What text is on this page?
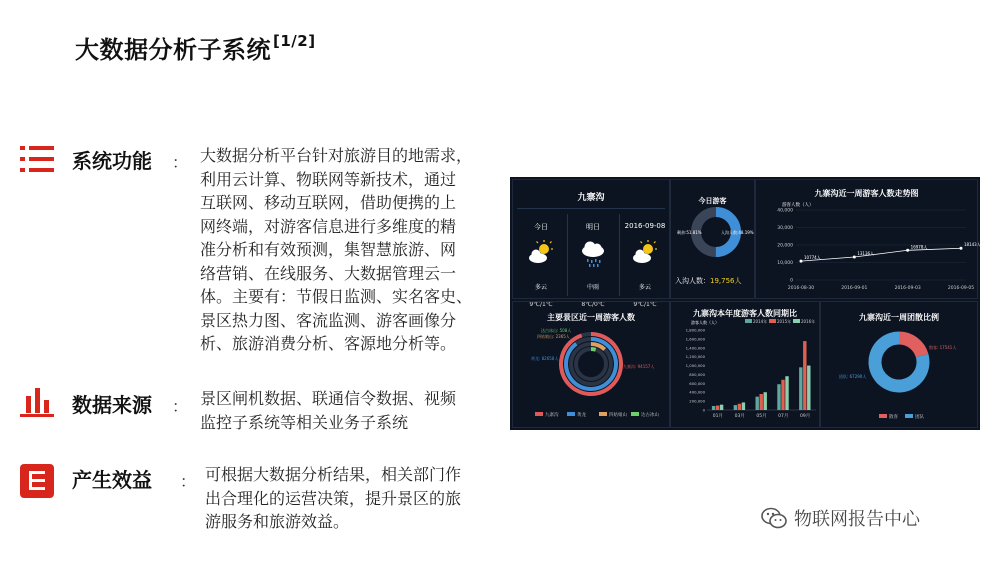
大数据分析子系统 [1/2]
系统功能 ： 大数据分析平台针对旅游目的地需求，
利用云计算、物联网等新技术，通过
互联网、移动互联网，借助便携的上
网终端，对游客信息进行多维度的精
准分析和有效预测，集智慧旅游、网
络营销、在线服务、大数据管理云一
体。主要有：节假日监测、实名客史、
景区热力图、客流监测、游客画像分
析、旅游消费分析、客源地分析等。
数据来源 ： 景区闸机数据、联通信令数据、视频
监控子系统等相关业务子系统
产生效益 ： 可根据大数据分析结果，相关部门作
出合理化的运营决策，提升景区的旅
游服务和旅游效益。
九寨沟
今日
多云
9℃/1℃
明日
中雨
8℃/0℃
2016-09-08
多云
9℃/1℃
今日游客
剩余:51.81%	入沟人数:48.19%
入沟人数：19,756人
九寨沟近一周游客人数走势图
游客人数（人）
40,000
30,000
20,000
10,000
0
10774人
2016-08-30
13136人
2016-09-01
16978人
2016-09-03
18143人
2016-09-05
主要景区近一周游客人数
九寨沟: 94157人
黄龙: 82658人
四姑娘山: 2365人
达古冰山: 508人
九寨沟	黄龙	四姑娘山	达古冰山
九寨沟本年度游客人数同期比
游客人数（人）	2014年 2015年 2016年
1,800,000
1,600,000
1,400,000
1,200,000
1,000,000
800,000
600,000
400,000
200,000
0
01月	03月	05月	07月	09月
九寨沟近一周团散比例
散客: 17541人
团队: 67290人
散客	团队
物联网报告中心
